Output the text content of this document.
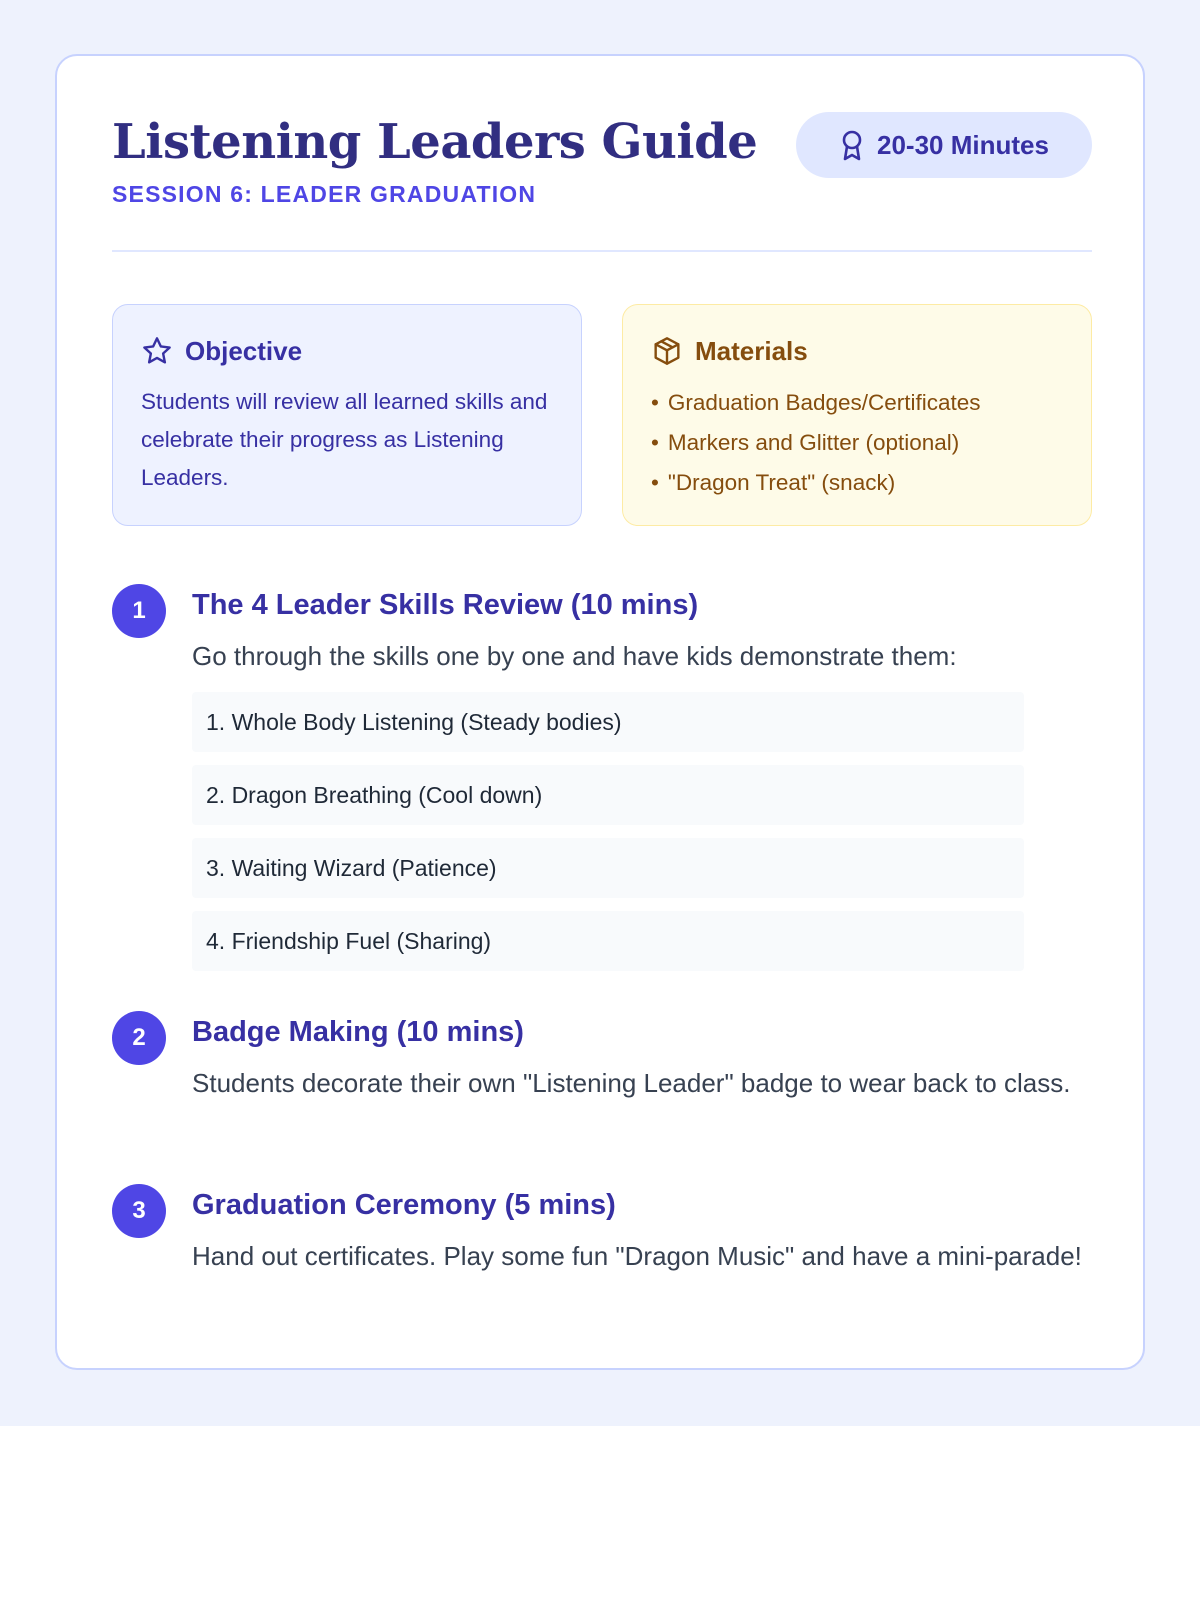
Listening Leaders Guide
SESSION 6: LEADER GRADUATION
20-30 Minutes
Objective
Students will review all learned skills and celebrate their progress as Listening Leaders.
Materials
• Graduation Badges/Certificates
• Markers and Glitter (optional)
• "Dragon Treat" (snack)
1	The 4 Leader Skills Review (10 mins)
Go through the skills one by one and have kids demonstrate them:
1. Whole Body Listening (Steady bodies)
2. Dragon Breathing (Cool down)
3. Waiting Wizard (Patience)
4. Friendship Fuel (Sharing)
2	Badge Making (10 mins)
Students decorate their own "Listening Leader" badge to wear back to class.
3	Graduation Ceremony (5 mins)
Hand out certificates. Play some fun "Dragon Music" and have a mini-parade!
